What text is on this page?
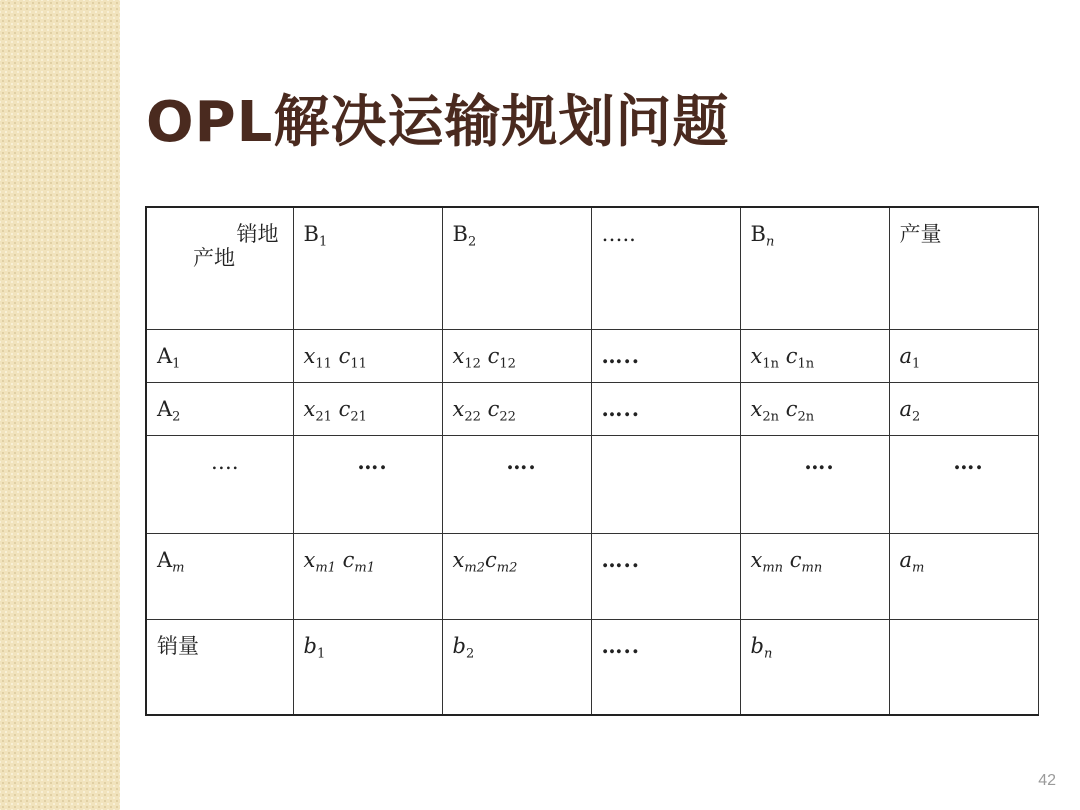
OPL解决运输规划问题
销地
产地	$B_1$	$B_2$	…..	$B_n$	产量
$A_1$	$x_{11}$ $c_{11}$	$x_{12}$ $c_{12}$	…..	$x_{1n}$ $c_{1n}$	$a_1$
$A_2$	$x_{21}$ $c_{21}$	$x_{22}$ $c_{22}$	…..	$x_{2n}$ $c_{2n}$	$a_2$
….	….	….		….	….
$A_m$	$x_{m1}$ $c_{m1}$	$x_{m2}c_{m2}$	…..	$x_{mn}$ $c_{mn}$	$a_m$
销量	$b_1$	$b_2$	…..	$b_n$	
42
